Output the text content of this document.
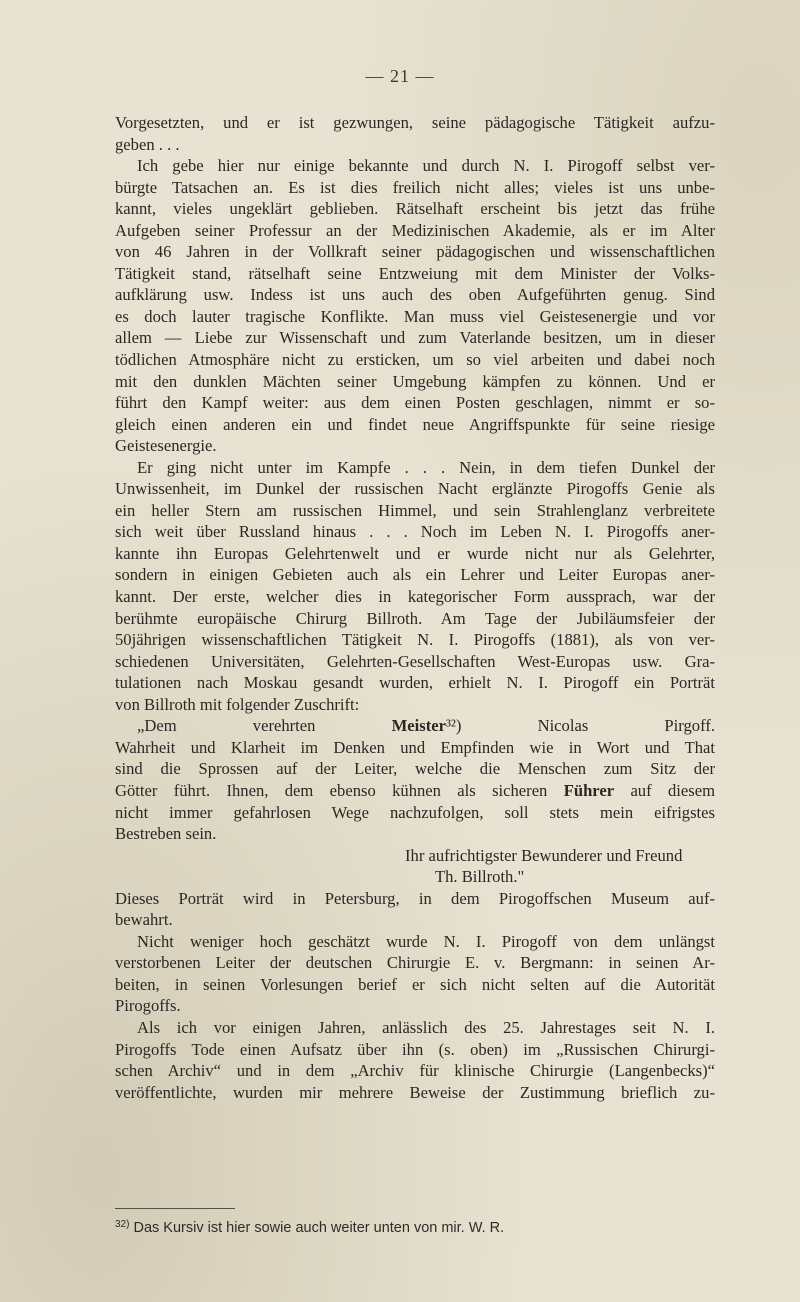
— 21 —
Vorgesetzten, und er ist gezwungen, seine pädagogische Tätigkeit aufzu-
geben . . .
Ich gebe hier nur einige bekannte und durch N. I. Pirogoff selbst ver-
bürgte Tatsachen an. Es ist dies freilich nicht alles; vieles ist uns unbe-
kannt, vieles ungeklärt geblieben. Rätselhaft erscheint bis jetzt das frühe
Aufgeben seiner Professur an der Medizinischen Akademie, als er im Alter
von 46 Jahren in der Vollkraft seiner pädagogischen und wissenschaftlichen
Tätigkeit stand, rätselhaft seine Entzweiung mit dem Minister der Volks-
aufklärung usw. Indess ist uns auch des oben Aufgeführten genug. Sind
es doch lauter tragische Konflikte. Man muss viel Geistesenergie und vor
allem — Liebe zur Wissenschaft und zum Vaterlande besitzen, um in dieser
tödlichen Atmosphäre nicht zu ersticken, um so viel arbeiten und dabei noch
mit den dunklen Mächten seiner Umgebung kämpfen zu können. Und er
führt den Kampf weiter: aus dem einen Posten geschlagen, nimmt er so-
gleich einen anderen ein und findet neue Angriffspunkte für seine riesige
Geistesenergie.
Er ging nicht unter im Kampfe . . . Nein, in dem tiefen Dunkel der
Unwissenheit, im Dunkel der russischen Nacht erglänzte Pirogoffs Genie als
ein heller Stern am russischen Himmel, und sein Strahlenglanz verbreitete
sich weit über Russland hinaus . . . Noch im Leben N. I. Pirogoffs aner-
kannte ihn Europas Gelehrtenwelt und er wurde nicht nur als Gelehrter,
sondern in einigen Gebieten auch als ein Lehrer und Leiter Europas aner-
kannt. Der erste, welcher dies in kategorischer Form aussprach, war der
berühmte europäische Chirurg Billroth. Am Tage der Jubiläumsfeier der
50jährigen wissenschaftlichen Tätigkeit N. I. Pirogoffs (1881), als von ver-
schiedenen Universitäten, Gelehrten-Gesellschaften West-Europas usw. Gra-
tulationen nach Moskau gesandt wurden, erhielt N. I. Pirogoff ein Porträt
von Billroth mit folgender Zuschrift:
„Dem verehrten Meister³²) Nicolas Pirgoff.
Wahrheit und Klarheit im Denken und Empfinden wie in Wort und That
sind die Sprossen auf der Leiter, welche die Menschen zum Sitz der
Götter führt. Ihnen, dem ebenso kühnen als sicheren Führer auf diesem
nicht immer gefahrlosen Wege nachzufolgen, soll stets mein eifrigstes
Bestreben sein.
Ihr aufrichtigster Bewunderer und Freund
Th. Billroth."
Dieses Porträt wird in Petersburg, in dem Pirogoffschen Museum auf-
bewahrt.
Nicht weniger hoch geschätzt wurde N. I. Pirogoff von dem unlängst
verstorbenen Leiter der deutschen Chirurgie E. v. Bergmann: in seinen Ar-
beiten, in seinen Vorlesungen berief er sich nicht selten auf die Autorität
Pirogoffs.
Als ich vor einigen Jahren, anlässlich des 25. Jahrestages seit N. I.
Pirogoffs Tode einen Aufsatz über ihn (s. oben) im „Russischen Chirurgi-
schen Archiv“ und in dem „Archiv für klinische Chirurgie (Langenbecks)“
veröffentlichte, wurden mir mehrere Beweise der Zustimmung brieflich zu-
$^{32)}$ Das Kursiv ist hier sowie auch weiter unten von mir. W. R.
